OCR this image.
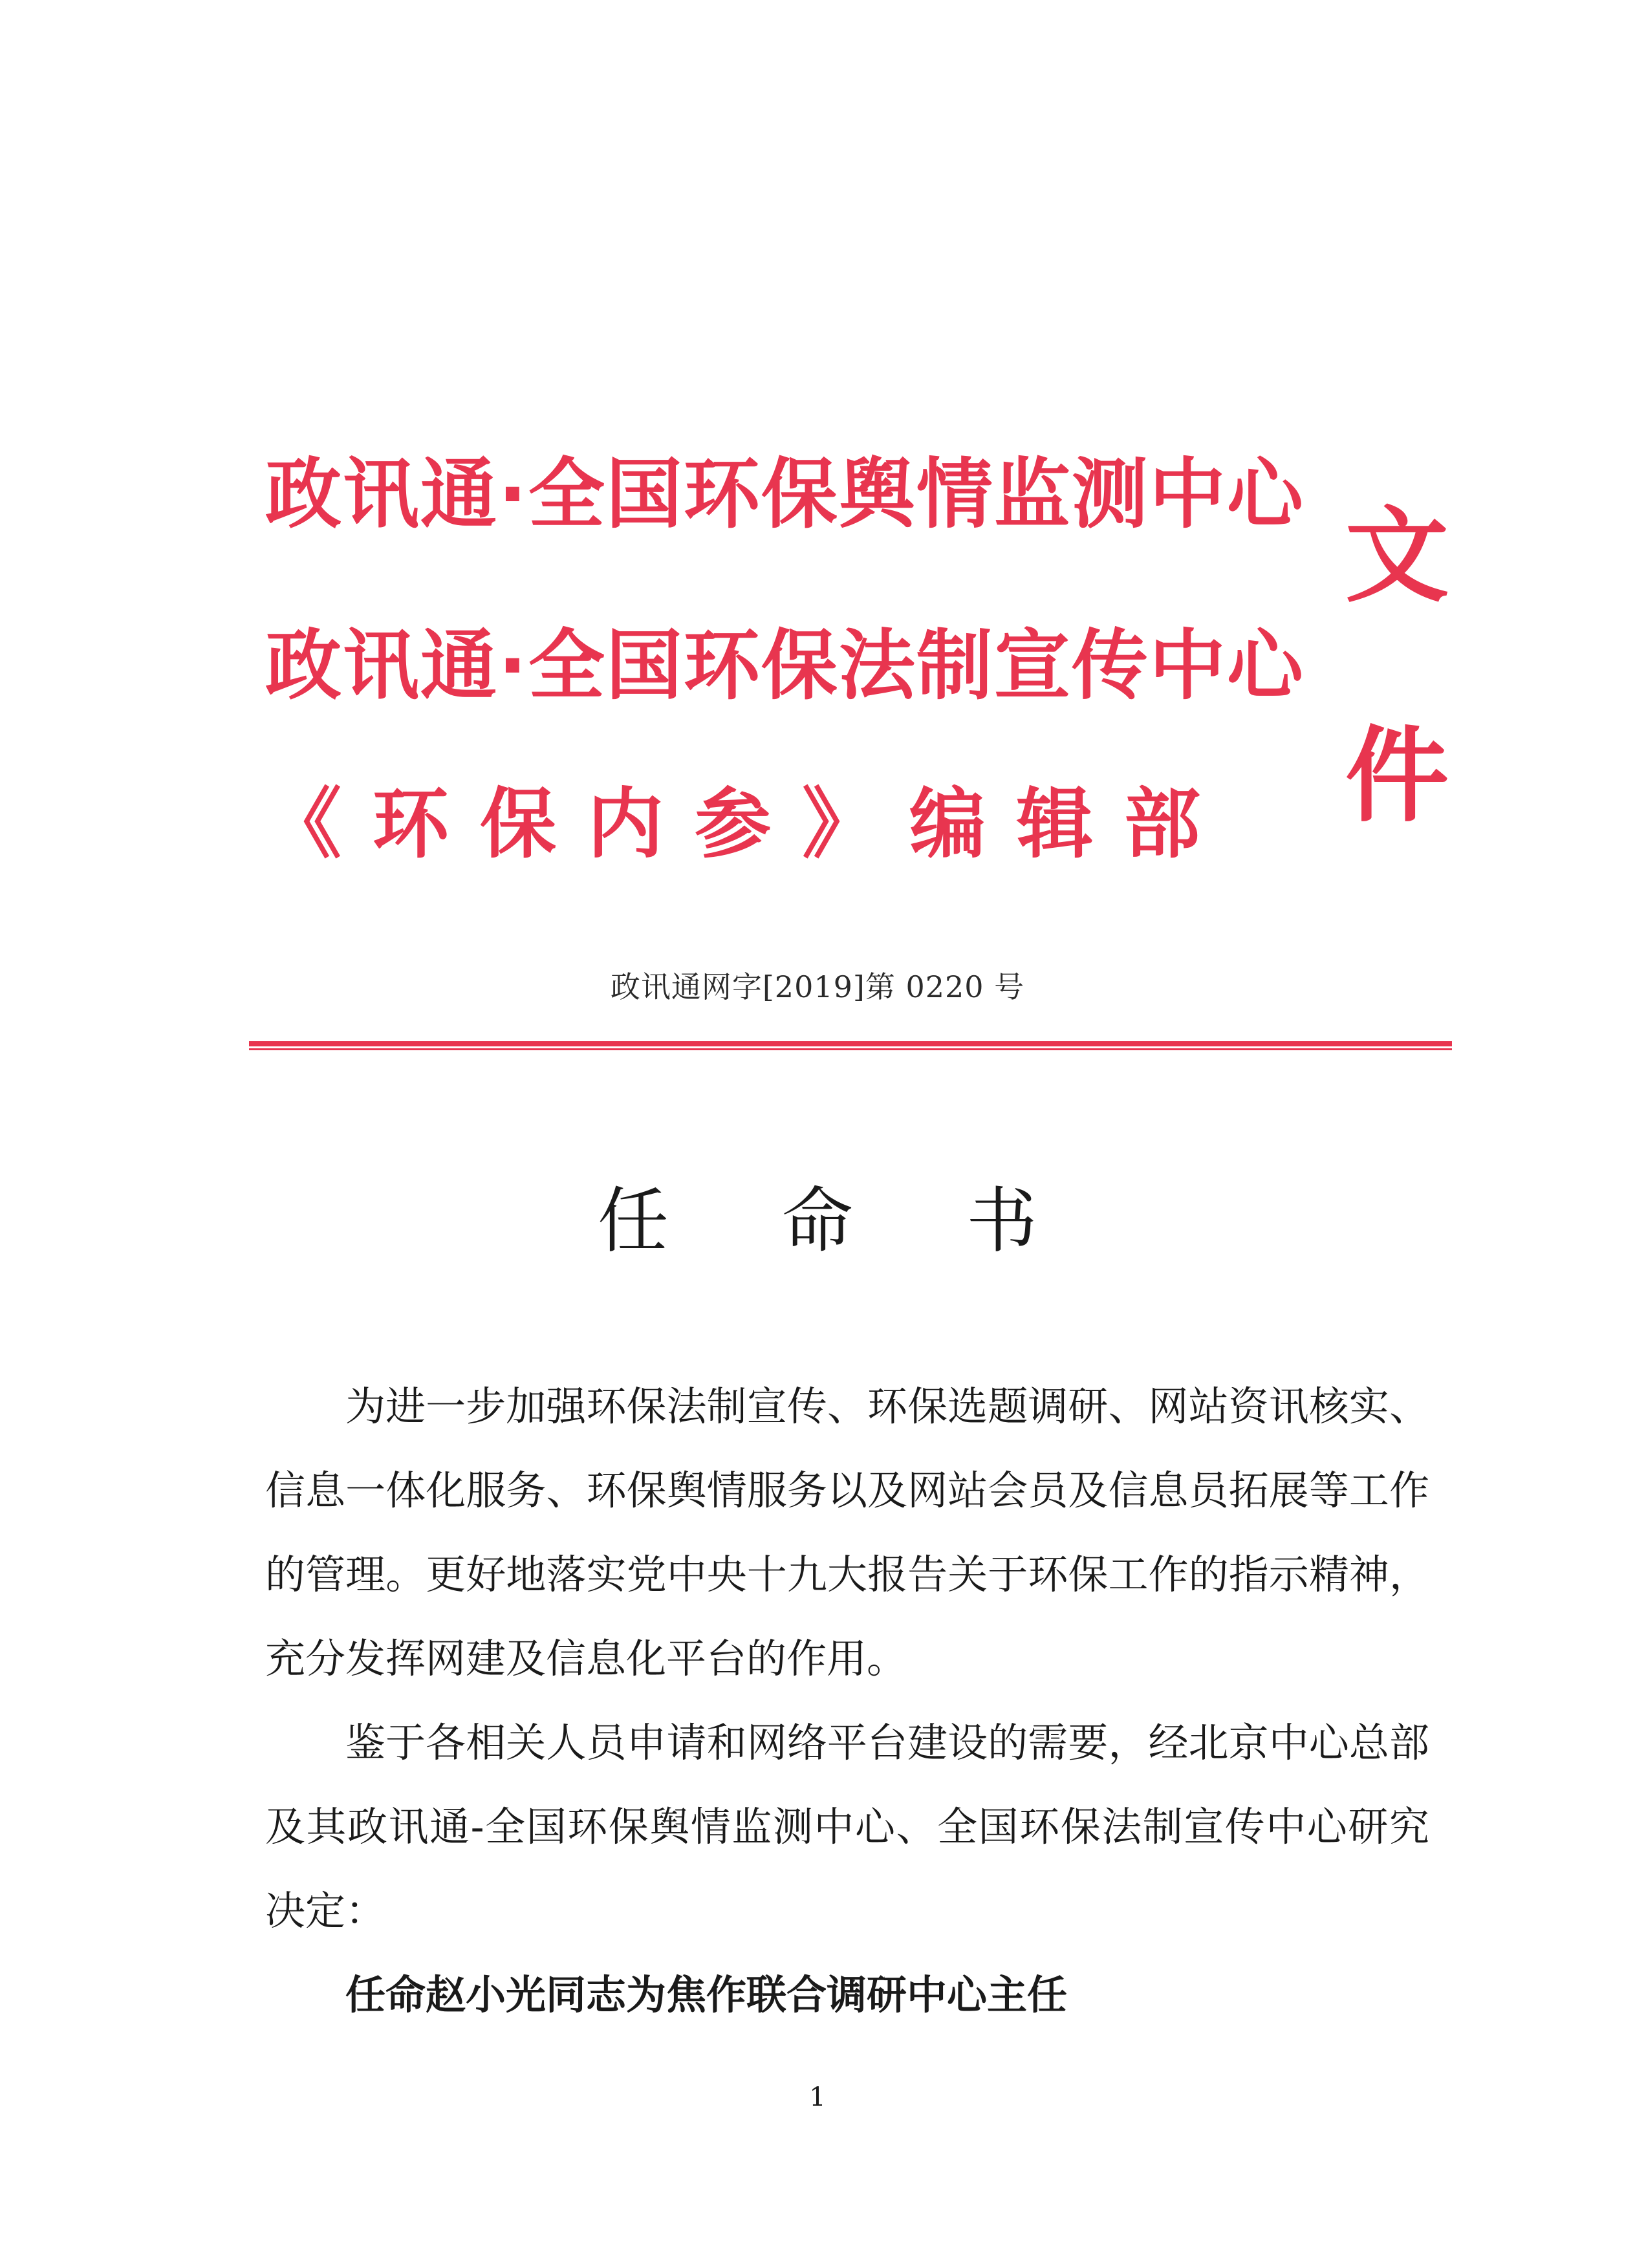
政讯通·全国环保舆情监测中心
政讯通·全国环保法制宣传中心
《环保内参》编辑部
文
件
政讯通网字[2019]第 0220 号
任 命 书
为进一步加强环保法制宣传、环保选题调研、网站资讯核实、信息一体化服务、环保舆情服务以及网站会员及信息员拓展等工作的管理。更好地落实党中央十九大报告关于环保工作的指示精神，充分发挥网建及信息化平台的作用。
鉴于各相关人员申请和网络平台建设的需要，经北京中心总部及其政讯通-全国环保舆情监测中心、全国环保法制宣传中心研究决定：
任命赵小光同志为焦作联合调研中心主任
1
